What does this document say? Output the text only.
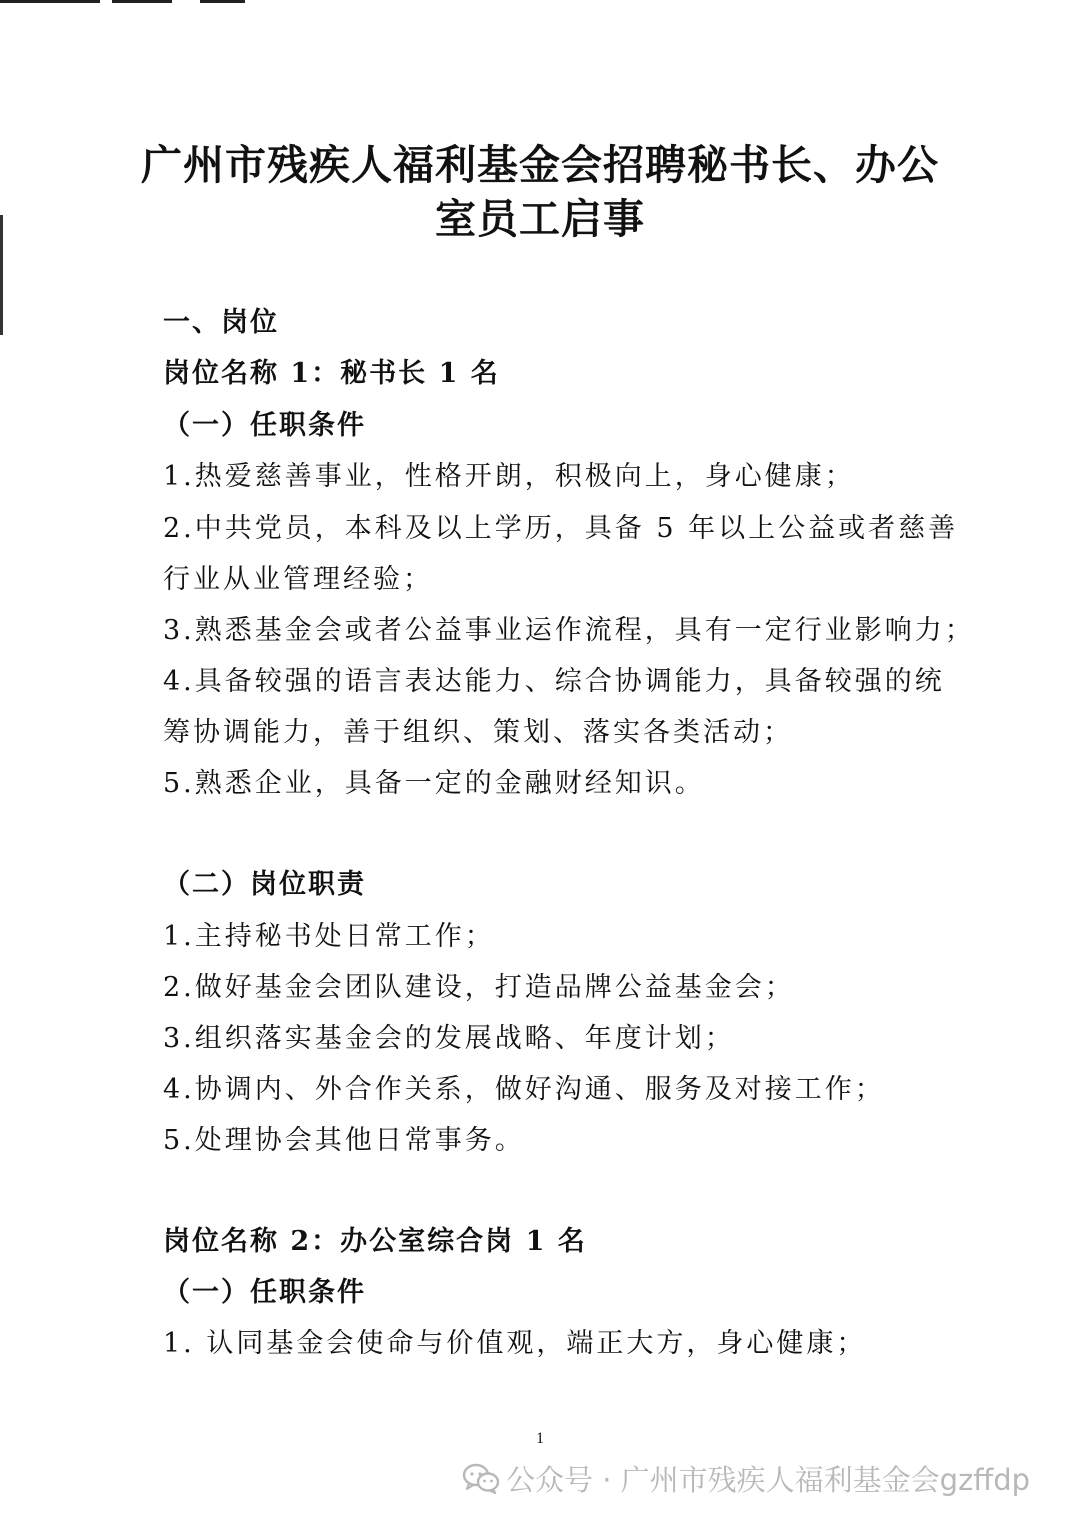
广州市残疾人福利基金会招聘秘书长、办公
室员工启事

一、岗位

岗位名称 1：秘书长 1 名

（一）任职条件

1.热爱慈善事业，性格开朗，积极向上，身心健康；

2.中共党员，本科及以上学历，具备 5 年以上公益或者慈善

行业从业管理经验；

3.熟悉基金会或者公益事业运作流程，具有一定行业影响力；

4.具备较强的语言表达能力、综合协调能力，具备较强的统

筹协调能力，善于组织、策划、落实各类活动；

5.熟悉企业，具备一定的金融财经知识。

（二）岗位职责

1.主持秘书处日常工作；

2.做好基金会团队建设，打造品牌公益基金会；

3.组织落实基金会的发展战略、年度计划；

4.协调内、外合作关系，做好沟通、服务及对接工作；

5.处理协会其他日常事务。

岗位名称 2：办公室综合岗 1 名

（一）任职条件

1. 认同基金会使命与价值观，端正大方，身心健康；

1
公众号 · 广州市残疾人福利基金会gzffdp
